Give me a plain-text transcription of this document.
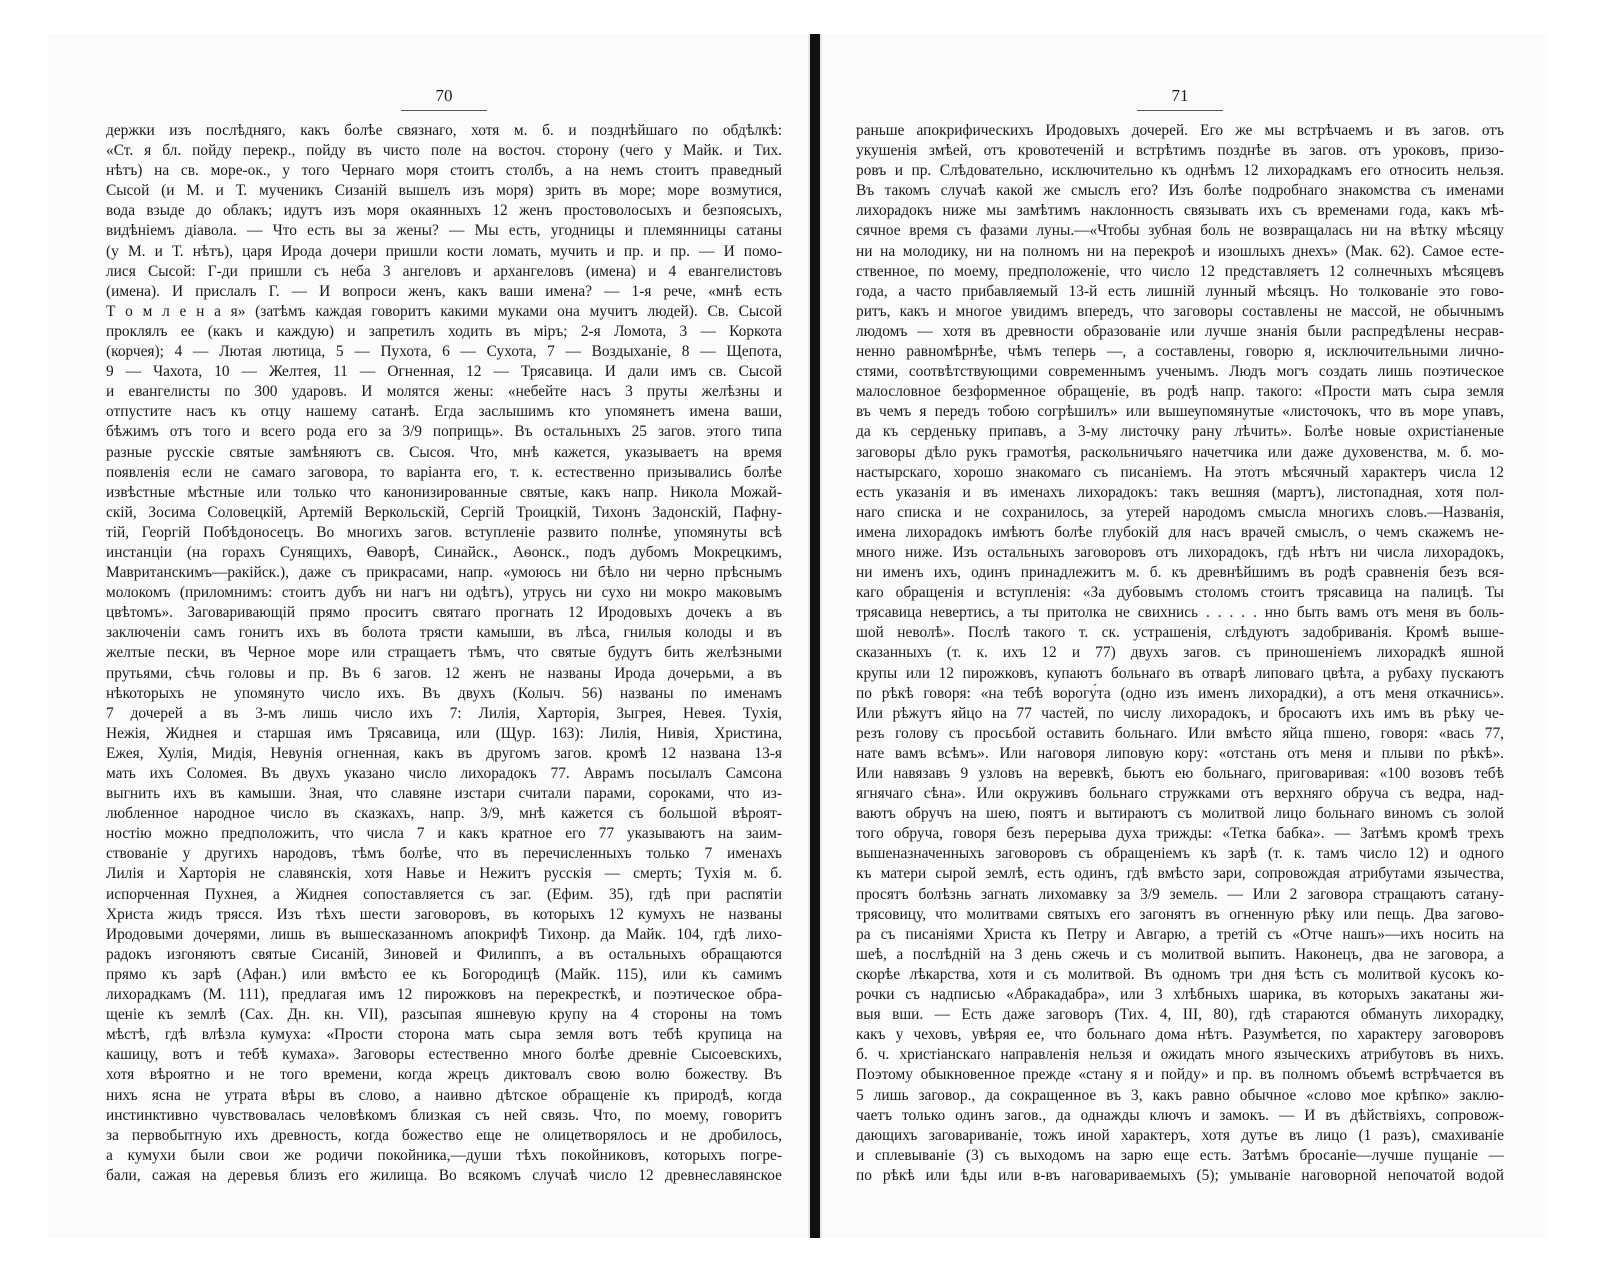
70
держки изъ послѣдняго, какъ болѣе связнаго, хотя м. б. и позднѣйшаго по обдѣлкѣ:
«Ст. я бл. пойду перекр., пойду въ чисто поле на восточ. сторону (чего у Майк. и Тих.
нѣтъ) на св. море-ок., у того Чернаго моря стоитъ столбъ, а на немъ стоитъ праведный
Сысой (и М. и Т. мученикъ Сизаній вышелъ изъ моря) зрить въ море; море возмутися,
вода взыде до облакъ; идутъ изъ моря окаянныхъ 12 женъ простоволосыхъ и безпоясыхъ,
видѣніемъ діавола. — Что есть вы за жены? — Мы есть, угодницы и племянницы сатаны
(у М. и Т. нѣтъ), царя Ирода дочери пришли кости ломать, мучить и пр. и пр. — И помо-
лися Сысой: Г-ди пришли съ неба 3 ангеловъ и архангеловъ (имена) и 4 евангелистовъ
(имена). И прислалъ Г. — И вопроси женъ, какъ ваши имена? — 1-я рече, «мнѣ есть
Т о м л е н а я» (затѣмъ каждая говоритъ какими муками она мучитъ людей). Св. Сысой
проклялъ ее (какъ и каждую) и запретилъ ходить въ міръ; 2-я Ломота, 3 — Коркота
(корчея); 4 — Лютая лютица, 5 — Пухота, 6 — Сухота, 7 — Воздыханіе, 8 — Щепота,
9 — Чахота, 10 — Желтея, 11 — Огненная, 12 — Трясавица. И дали имъ св. Сысой
и евангелисты по 300 ударовъ. И молятся жены: «небейте насъ 3 пруты желѣзны и
отпустите насъ къ отцу нашему сатанѣ. Егда заслышимъ кто упомянетъ имена ваши,
бѣжимъ отъ того и всего рода его за 3/9 поприщь». Въ остальныхъ 25 загов. этого типа
разные русскіе святые замѣняютъ св. Сысоя. Что, мнѣ кажется, указываетъ на время
появленія если не самаго заговора, то варіанта его, т. к. естественно призывались болѣе
извѣстные мѣстные или только что канонизированные святые, какъ напр. Никола Можай-
скій, Зосима Соловецкій, Артемій Веркольскій, Сергій Троицкій, Тихонъ Задонскій, Пафну-
тій, Георгій Побѣдоносецъ. Во многихъ загов. вступленіе развито полнѣе, упомянуты всѣ
инстанціи (на горахъ Сунящихъ, Ѳаворѣ, Синайск., Аѳонск., подъ дубомъ Мокрецкимъ,
Мавританскимъ—ракійск.), даже съ прикрасами, напр. «умоюсь ни бѣло ни черно прѣснымъ
молокомъ (приломнимъ: стоитъ дубъ ни нагъ ни одѣтъ), утрусь ни сухо ни мокро маковымъ
цвѣтомъ». Заговаривающій прямо проситъ святаго прогнать 12 Иродовыхъ дочекъ а въ
заключеніи самъ гонитъ ихъ въ болота трясти камыши, въ лѣса, гнилыя колоды и въ
желтые пески, въ Черное море или стращаетъ тѣмъ, что святые будутъ бить желѣзными
прутьями, сѣчь головы и пр. Въ 6 загов. 12 женъ не названы Ирода дочерьми, а въ
нѣкоторыхъ не упомянуто число ихъ. Въ двухъ (Колыч. 56) названы по именамъ
7 дочерей а въ 3-мъ лишь число ихъ 7: Лилія, Харторія, Зыгрея, Невея. Тухія,
Нежія, Жиднея и старшая имъ Трясавица, или (Щур. 163): Лилія, Нивія, Христина,
Ежея, Хулія, Мидія, Невунія огненная, какъ въ другомъ загов. кромѣ 12 названа 13-я
мать ихъ Соломея. Въ двухъ указано число лихорадокъ 77. Аврамъ посылалъ Самсона
выгнить ихъ въ камыши. Зная, что славяне изстари считали парами, сороками, что из-
любленное народное число въ сказкахъ, напр. 3/9, мнѣ кажется съ большой вѣроят-
ностію можно предположить, что числа 7 и какъ кратное его 77 указываютъ на заим-
ствованіе у другихъ народовъ, тѣмъ болѣе, что въ перечисленныхъ только 7 именахъ
Лилія и Харторія не славянскія, хотя Навье и Нежитъ русскія — смерть; Тухія м. б.
испорченная Пухнея, а Жиднея сопоставляется съ заг. (Ефим. 35), гдѣ при распятіи
Христа жидъ трясся. Изъ тѣхъ шести заговоровъ, въ которыхъ 12 кумухъ не названы
Иродовыми дочерями, лишь въ вышесказанномъ апокрифѣ Тихонр. да Майк. 104, гдѣ лихо-
радокъ изгоняютъ святые Сисаній, Зиновей и Филиппъ, а въ остальныхъ обращаются
прямо къ зарѣ (Афан.) или вмѣсто ее къ Богородицѣ (Майк. 115), или къ самимъ
лихорадкамъ (М. 111), предлагая имъ 12 пирожковъ на перекресткѣ, и поэтическое обра-
щеніе къ землѣ (Сах. Дн. кн. VII), разсыпая яшневую крупу на 4 стороны на томъ
мѣстѣ, гдѣ влѣзла кумуха: «Прости сторона мать сыра земля вотъ тебѣ крупица на
кашицу, вотъ и тебѣ кумаха». Заговоры естественно много болѣе древніе Сысоевскихъ,
хотя вѣроятно и не того времени, когда жрецъ диктовалъ свою волю божеству. Въ
нихъ ясна не утрата вѣры въ слово, а наивно дѣтское обращеніе къ природѣ, когда
инстинктивно чувствовалась человѣкомъ близкая съ ней связь. Что, по моему, говоритъ
за первобытную ихъ древность, когда божество еще не олицетворялось и не дробилось,
а кумухи были свои же родичи покойника,—души тѣхъ покойниковъ, которыхъ погре-
бали, сажая на деревья близъ его жилища. Во всякомъ случаѣ число 12 древнеславянское
71
раньше апокрифическихъ Иродовыхъ дочерей. Его же мы встрѣчаемъ и въ загов. отъ
укушенія змѣей, отъ кровотеченій и встрѣтимъ позднѣе въ загов. отъ уроковъ, призо-
ровъ и пр. Слѣдовательно, исключительно къ однѣмъ 12 лихорадкамъ его относить нельзя.
Въ такомъ случаѣ какой же смыслъ его? Изъ болѣе подробнаго знакомства съ именами
лихорадокъ ниже мы замѣтимъ наклонность связывать ихъ съ временами года, какъ мѣ-
сячное время съ фазами луны.—«Чтобы зубная боль не возвращалась ни на вѣтку мѣсяцу
ни на молодику, ни на полномъ ни на перекроѣ и изошлыхъ днехъ» (Мак. 62). Самое есте-
ственное, по моему, предположеніе, что число 12 представляетъ 12 солнечныхъ мѣсяцевъ
года, а часто прибавляемый 13-й есть лишній лунный мѣсяцъ. Но толкованіе это гово-
ритъ, какъ и многое увидимъ впередъ, что заговоры составлены не массой, не обычнымъ
людомъ — хотя въ древности образованіе или лучше знанія были распредѣлены несрав-
ненно равномѣрнѣе, чѣмъ теперь —, а составлены, говорю я, исключительными лично-
стями, соотвѣтствующими современнымъ ученымъ. Людъ могъ создать лишь поэтическое
малословное безформенное обращеніе, въ родѣ напр. такого: «Прости мать сыра земля
въ чемъ я передъ тобою согрѣшилъ» или вышеупомянутые «листочокъ, что въ море упавъ,
да къ серденьку припавъ, а 3-му листочку рану лѣчить». Болѣе новые охристіаненые
заговоры дѣло рукъ грамотѣя, раскольничьяго начетчика или даже духовенства, м. б. мо-
настырскаго, хорошо знакомаго съ писаніемъ. На этотъ мѣсячный характеръ числа 12
есть указанія и въ именахъ лихорадокъ: такъ вешняя (мартъ), листопадная, хотя пол-
наго списка и не сохранилось, за утерей народомъ смысла многихъ словъ.—Названія,
имена лихорадокъ имѣютъ болѣе глубокій для насъ врачей смыслъ, о чемъ скажемъ не-
много ниже. Изъ остальныхъ заговоровъ отъ лихорадокъ, гдѣ нѣтъ ни числа лихорадокъ,
ни именъ ихъ, одинъ принадлежитъ м. б. къ древнѣйшимъ въ родѣ сравненія безъ вся-
каго обращенія и вступленія: «За дубовымъ столомъ стоитъ трясавица на палицѣ. Ты
трясавица невертись, а ты притолка не свихнись . . . . . нно быть вамъ отъ меня въ боль-
шой неволѣ». Послѣ такого т. ск. устрашенія, слѣдуютъ задобриванія. Кромѣ выше-
сказанныхъ (т. к. ихъ 12 и 77) двухъ загов. съ приношеніемъ лихорадкѣ яшной
крупы или 12 пирожковъ, купаютъ больнаго въ отварѣ липоваго цвѣта, а рубаху пускаютъ
по рѣкѣ говоря: «на тебѣ ворогу́та (одно изъ именъ лихорадки), а отъ меня откачнись».
Или рѣжутъ яйцо на 77 частей, по числу лихорадокъ, и бросаютъ ихъ имъ въ рѣку че-
резъ голову съ просьбой оставить больнаго. Или вмѣсто яйца пшено, говоря: «вась 77,
нате вамъ всѣмъ». Или наговоря липовую кору: «отстань отъ меня и плыви по рѣкѣ».
Или навязавъ 9 узловъ на веревкѣ, бьютъ ею больнаго, приговаривая: «100 возовъ тебѣ
ягнячаго сѣна». Или окруживъ больнаго стружками отъ верхняго обруча съ ведра, над-
ваютъ обручъ на шею, поятъ и вытираютъ съ молитвой лицо больнаго виномъ съ золой
того обруча, говоря безъ перерыва духа трижды: «Тетка бабка». — Затѣмъ кромѣ трехъ
вышеназначенныхъ заговоровъ съ обращеніемъ къ зарѣ (т. к. тамъ число 12) и одного
къ матери сырой землѣ, есть одинъ, гдѣ вмѣсто зари, сопровождая атрибутами язычества,
просятъ болѣзнь загнать лихомавку за 3/9 земель. — Или 2 заговора стращаютъ сатану-
трясовицу, что молитвами святыхъ его загонятъ въ огненную рѣку или пещь. Два загово-
ра съ писаніями Христа къ Петру и Авгарю, а третій съ «Отче нашъ»—ихъ носить на
шеѣ, а послѣдній на 3 день сжечь и съ молитвой выпить. Наконецъ, два не заговора, а
скорѣе лѣкарства, хотя и съ молитвой. Въ одномъ три дня ѣсть съ молитвой кусокъ ко-
рочки съ надписью «Абракадабра», или 3 хлѣбныхъ шарика, въ которыхъ закатаны жи-
выя вши. — Есть даже заговоръ (Тих. 4, III, 80), гдѣ стараются обмануть лихорадку,
какъ у чеховъ, увѣряя ее, что больнаго дома нѣтъ. Разумѣется, по характеру заговоровъ
б. ч. христіанскаго направленія нельзя и ожидать много языческихъ атрибутовъ въ нихъ.
Поэтому обыкновенное прежде «стану я и пойду» и пр. въ полномъ объемѣ встрѣчается въ
5 лишь заговор., да сокращенное въ 3, какъ равно обычное «слово мое крѣпко» заклю-
чаетъ только одинъ загов., да однажды ключъ и замокъ. — И въ дѣйствіяхъ, сопровож-
дающихъ заговариваніе, тожъ иной характеръ, хотя дутье въ лицо (1 разъ), смахиваніе
и сплевываніе (3) съ выходомъ на зарю еще есть. Затѣмъ бросаніе—лучше пущаніе —
по рѣкѣ или ѣды или в-въ наговариваемыхъ (5); умываніе наговорной непочатой водой
